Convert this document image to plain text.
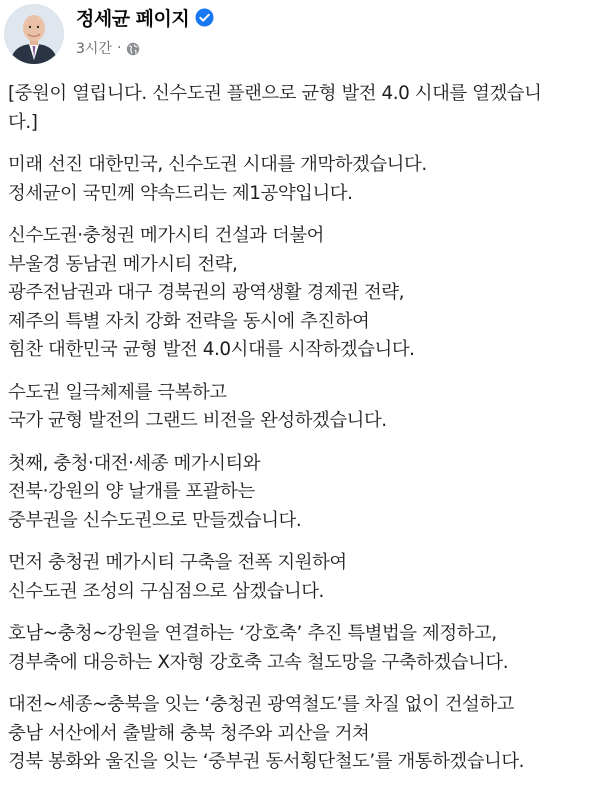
정세균 페이지
3시간 ·
[중원이 열립니다. 신수도권 플랜으로 균형 발전 4.0 시대를 열겠습니
다.]
미래 선진 대한민국, 신수도권 시대를 개막하겠습니다.
정세균이 국민께 약속드리는 제1공약입니다.
신수도권·충청권 메가시티 건설과 더불어
부울경 동남권 메가시티 전략,
광주전남권과 대구 경북권의 광역생활 경제권 전략,
제주의 특별 자치 강화 전략을 동시에 추진하여
힘찬 대한민국 균형 발전 4.0시대를 시작하겠습니다.
수도권 일극체제를 극복하고
국가 균형 발전의 그랜드 비전을 완성하겠습니다.
첫째, 충청·대전·세종 메가시티와
전북·강원의 양 날개를 포괄하는
중부권을 신수도권으로 만들겠습니다.
먼저 충청권 메가시티 구축을 전폭 지원하여
신수도권 조성의 구심점으로 삼겠습니다.
호남~충청~강원을 연결하는 ‘강호축’ 추진 특별법을 제정하고,
경부축에 대응하는 X자형 강호축 고속 철도망을 구축하겠습니다.
대전~세종~충북을 잇는 ‘충청권 광역철도’를 차질 없이 건설하고
충남 서산에서 출발해 충북 청주와 괴산을 거쳐
경북 봉화와 울진을 잇는 ‘중부권 동서횡단철도’를 개통하겠습니다.
